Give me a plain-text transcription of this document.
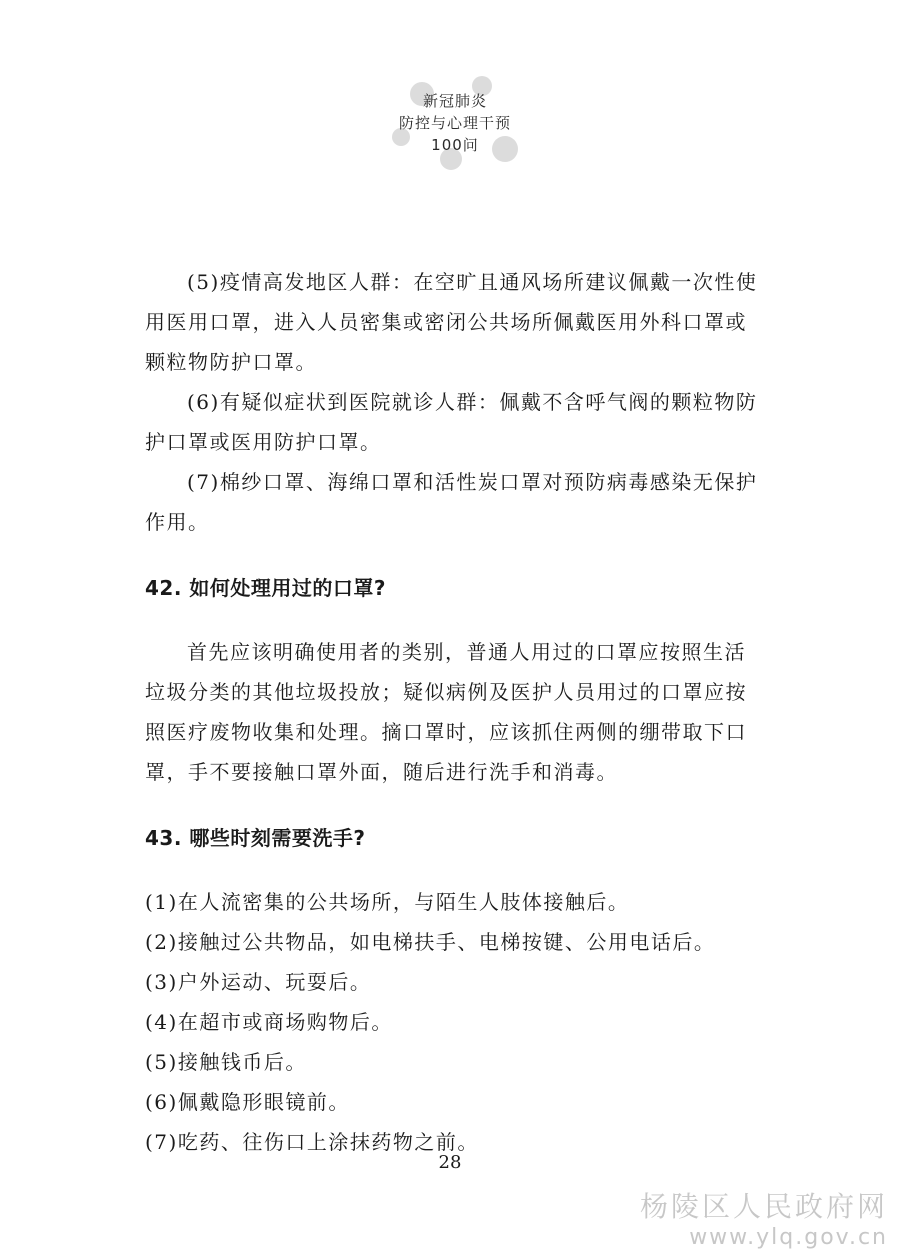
新冠肺炎
防控与心理干预
100问

(5)疫情高发地区人群：在空旷且通风场所建议佩戴一次性使用医用口罩，进入人员密集或密闭公共场所佩戴医用外科口罩或颗粒物防护口罩。

(6)有疑似症状到医院就诊人群：佩戴不含呼气阀的颗粒物防护口罩或医用防护口罩。

(7)棉纱口罩、海绵口罩和活性炭口罩对预防病毒感染无保护作用。

42. 如何处理用过的口罩?

首先应该明确使用者的类别，普通人用过的口罩应按照生活垃圾分类的其他垃圾投放；疑似病例及医护人员用过的口罩应按照医疗废物收集和处理。摘口罩时，应该抓住两侧的绷带取下口罩，手不要接触口罩外面，随后进行洗手和消毒。

43. 哪些时刻需要洗手?

(1)在人流密集的公共场所，与陌生人肢体接触后。

(2)接触过公共物品，如电梯扶手、电梯按键、公用电话后。

(3)户外运动、玩耍后。

(4)在超市或商场购物后。

(5)接触钱币后。

(6)佩戴隐形眼镜前。

(7)吃药、往伤口上涂抹药物之前。

28
杨陵区人民政府网
www.ylq.gov.cn
